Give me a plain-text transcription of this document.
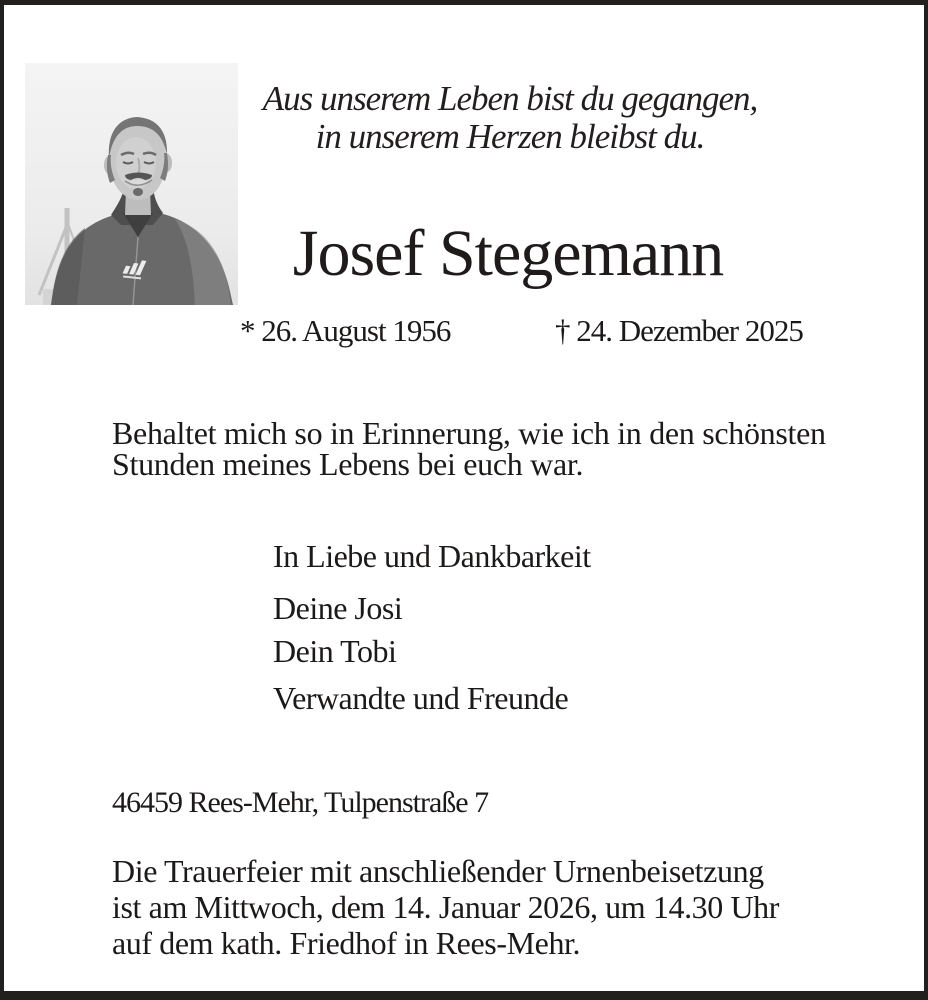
Aus unserem Leben bist du gegangen,
in unserem Herzen bleibst du.
Josef Stegemann
* 26. August 1956	† 24. Dezember 2025
Behaltet mich so in Erinnerung, wie ich in den schönsten
Stunden meines Lebens bei euch war.
In Liebe und Dankbarkeit
Deine Josi
Dein Tobi
Verwandte und Freunde
46459 Rees-Mehr, Tulpenstraße 7
Die Trauerfeier mit anschließender Urnenbeisetzung
ist am Mittwoch, dem 14. Januar 2026, um 14.30 Uhr
auf dem kath. Friedhof in Rees-Mehr.
